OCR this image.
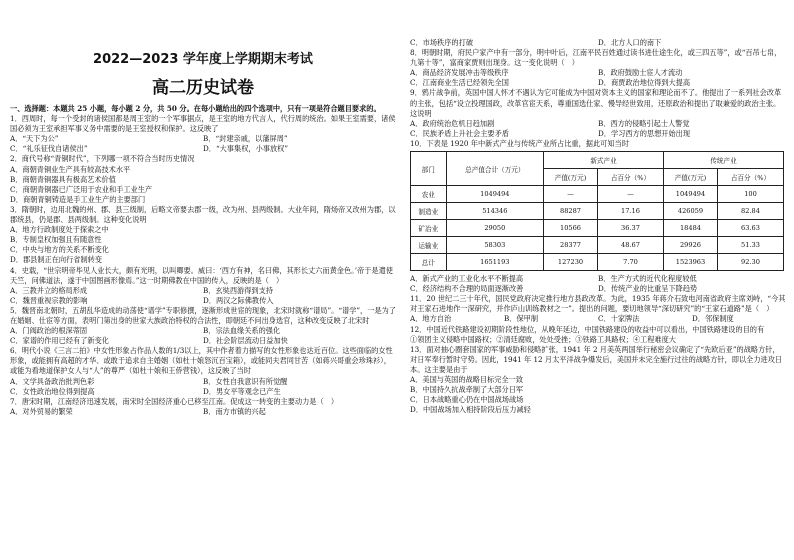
2022—2023 学年度上学期期末考试
高二历史试卷

一、选择题：本题共 25 小题，每小题 2 分，共 50 分。在每小题给出的四个选项中，只有一项是符合题目要求的。

1．西周时，每一个受封的诸侯国都是周王室的一个军事据点，是王室的地方代言人，代行周的统治。如果王室需要，诸侯国必须为王室承担军事义务中需要的是王室授权和保护。这反映了

A．“天下为公”	B．“封建亲戚，以藩屏周”
C．“礼乐征伐自诸侯出”	D．“大事集权，小事放权”

2．商代号称“青铜时代”，下列哪一项不符合当时历史情况

A．商朝青铜业生产具有较高技术水平

B．商朝青铜器具有极高艺术价值

C．商朝青铜器已广泛用于农业和手工业生产

D．商朝青铜铸造是手工业生产的主要部门

3．隋朝时，边用北魏的州、郡、县三级制，后略文帝要去郡一级，改为州、县两级制。大业年间，隋炀帝又改州为郡，以郡统县，仍是郡、县两级制。这种变化说明

A．地方行政制度处于探索之中

B．专制皇权加强且有随意性

C．中央与地方的关系不断变化

D．郡县制正在向行省制转变

4．史载，“世宗明帝毕见人业长大，颇有光明，以叫卿要。威曰：‘西方有神，名曰佛，其形长丈六而黄金色。’帝于是遣使天竺，问佛道法，遂于中国图画形像焉。”这一时期佛教在中国的传入，反映的是（　）

A．三教并立的格局形成	B．玄奘西游得到支持
C．魏晋重视宗教的影响	D．两汉之际佛教传入

5．魏晋南北朝时，五胡乱华造成的动荡使“谱学”专职修撰，逐渐形成世宦的现象，北宋时就称“谱局”。“谱学”，一是为了在婚姻、仕宦等方面，表明门第出身的世家大族政治特权的合法性，即朝廷不问出身选官，这种改变反映了北宋时

A．门阀政治的根深蒂固	B．宗法血缘关系的强化
C．家谱的作用已经有了新变化	D．社会阶层流动日益加快

6．明代小说《三言二拍》中女性形象占作品人数的1/3以上，其中作者着力描写的女性形象也达近百位。这些面临的女性形象，或能拥有高超的才华、或敢于追求自主婚姻（如杜十娘怒沉百宝箱），或能同夫君同甘苦（如蒋兴哥重会珍珠衫），或能为看地道保护女人与“人”的尊严（如杜十娘和王侨营钱），这反映了当时

A．文学具备政治批判色彩	B．女性自我意识有所觉醒
C．女性政治地位得到提高	D．男女平等观念已产生

7．唐宋时期，江南经济迅速发展，南宋时全国经济重心已移至江南。促成这一转变的主要动力是（　）

A．对外贸易的繁荣	B．南方市镇的兴起
C．市场秩序的打破	D．北方人口的南下

8．明朝时期，府民户家产中有一部分，明中叶后，江南平民百姓通过读书进仕途生化，或三四五等”，或“百吊七帛，九第十等”，富商家贾则出现身。这一变化说明（　）

A．商品经济发展冲击等级秩序	B．政府鼓励士宦人才流动
C．江南商业生活已经领先全国	D．商贾政治地位得到大提高

9．鸦片战争前，英国中国人怀才不遇认为它可能成为中国对资本主义的国家和理论而不了。他提出了一系列社会改革的主张，包括“设立投理国政，改革官宦天系，尊重国选仕家、慢导经世致用，还原政治和提出了取兼爱的政治主张。这说明

A．政府统治危机日趋加剧	B．西方的侵略引起士人警觉
C．民族矛盾上升社会主要矛盾	D．学习西方的思想开始出现

10．下表是 1920 年中新式产业与传统产业所占比重，据此可知当时

部门	总产值合计（万元）	新式产业		传统产业	
		产值(万元)	占百分（%）	产值(万元)	占百分（%）
农业	1049494	—	—	1049494	100
制造业	514346	88287	17.16	426059	82.84
矿冶业	29050	10566	36.37	18484	63.63
运输业	58303	28377	48.67	29926	51.33
总计	1651193	127230	7.70	1523963	92.30
A．新式产业的工业化水平不断提高	B．生产方式的近代化程度较低
C．经济结构不合理的局面逐渐改善	D．传统产业的比重呈下降趋势

11．20 世纪二三十年代，国民党政府决定推行地方县政改革。为此，1935 年蒋介石致电河南省政府主席刘峙，“今其对王家石进地作一深研究，并作庐山训练教材之一”。提出的问题，要切地领导“深切研究”的“王家石道路”是（　）

A．地方自治	B．保甲制	C．十家牌法	D．邻保制度

12．中国近代铁路建设初期阶段性地位，从晚年延边，中国铁路建设的收益中可以看出，中国铁路建设的目的有

①领团主义侵略中国路权；②清廷腐败，处处受挫；③铁路工具路权；④工程难度大

13．面对抽心圈套国家的军事威胁和侵略扩张，1941 年 2 月美英两国举行秘密会议确定了“先欧后亚”的战略方针，对日军奉行暂时守势。因此，1941 年 12 月太平洋战争爆发后，美国并未完全施行过往的战略方针，即以全力进攻日本。这主要是由于

A．美国与英国的战略目标完全一致

B．中国持久抗战牵制了大部分日军

C．日本战略重心仍在中国战场战场

D．中国战场加入相持阶段后压力减轻
